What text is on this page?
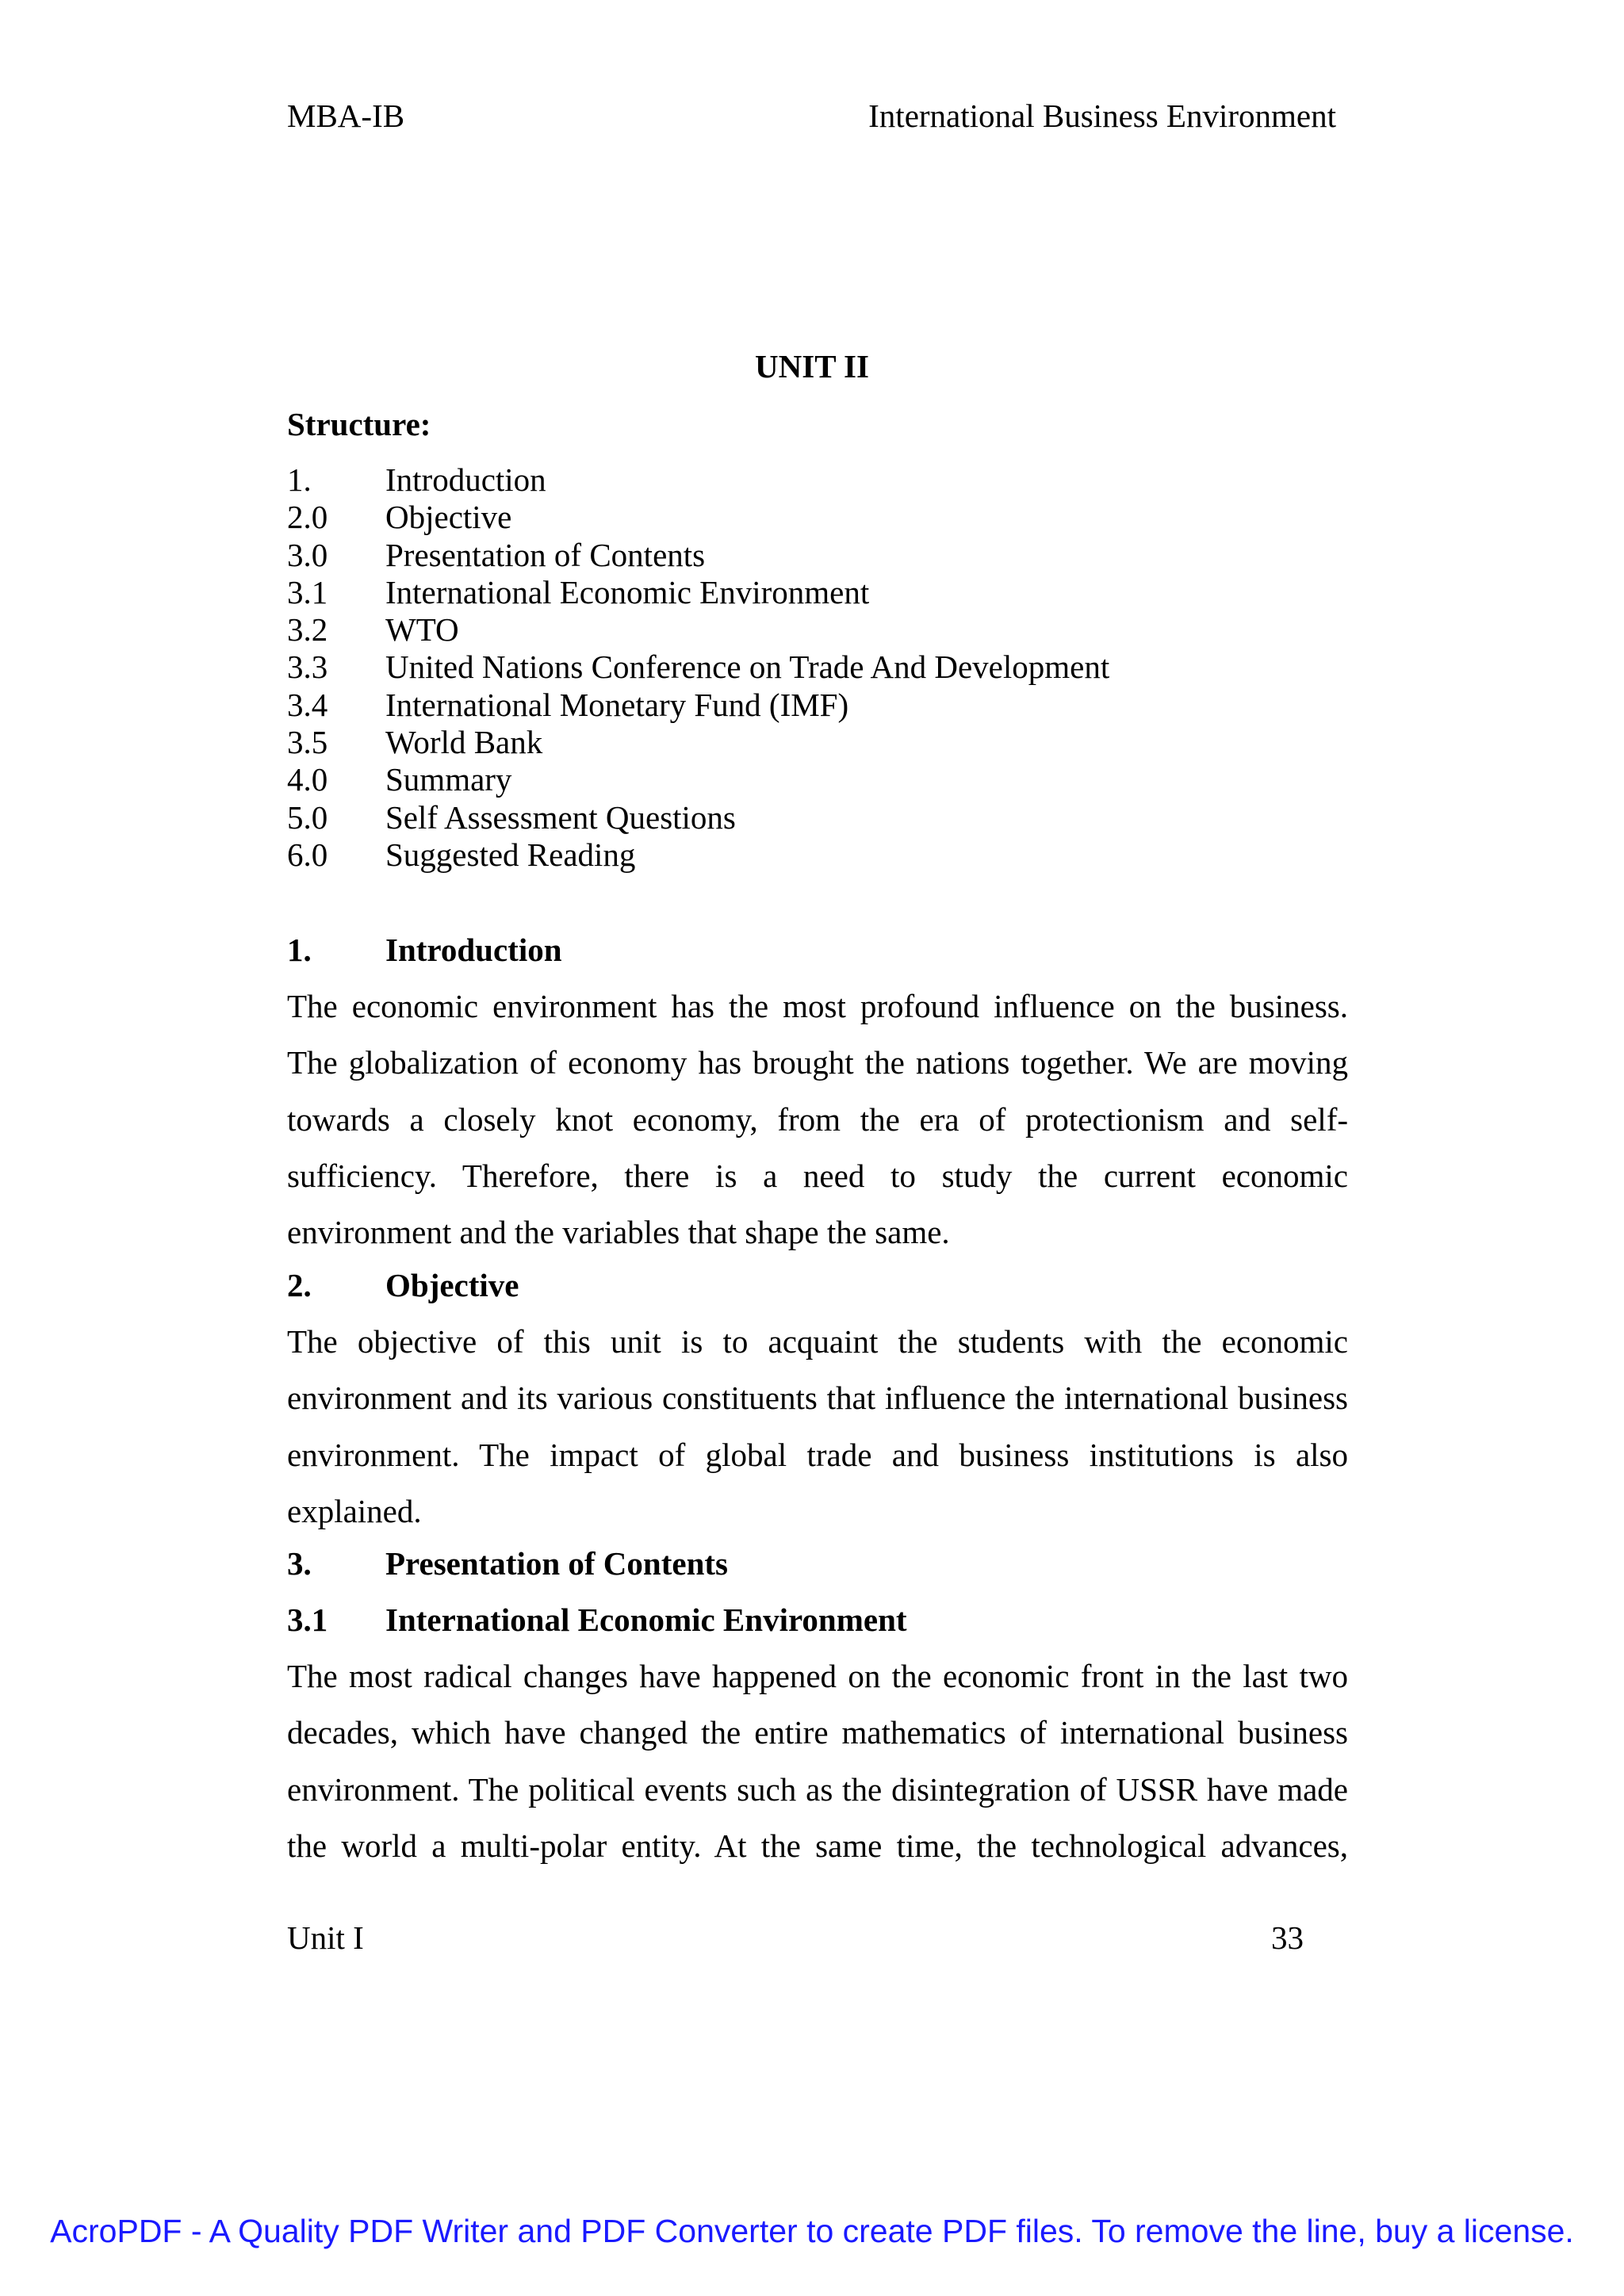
MBA-IB	International Business Environment
UNIT II
Structure:
1. Introduction
2.0 Objective
3.0 Presentation of Contents
3.1 International Economic Environment
3.2 WTO
3.3 United Nations Conference on Trade And Development
3.4 International Monetary Fund (IMF)
3.5 World Bank
4.0 Summary
5.0 Self Assessment Questions
6.0 Suggested Reading
1. Introduction
The economic environment has the most profound influence on the business.
The globalization of economy has brought the nations together. We are moving
towards a closely knot economy, from the era of protectionism and self-
sufficiency. Therefore, there is a need to study the current economic
environment and the variables that shape the same.
2. Objective
The objective of this unit is to acquaint the students with the economic
environment and its various constituents that influence the international business
environment. The impact of global trade and business institutions is also
explained.
3. Presentation of Contents
3.1 International Economic Environment
The most radical changes have happened on the economic front in the last two
decades, which have changed the entire mathematics of international business
environment. The political events such as the disintegration of USSR have made
the world a multi-polar entity. At the same time, the technological advances,
Unit I	33
AcroPDF - A Quality PDF Writer and PDF Converter to create PDF files. To remove the line, buy a license.
